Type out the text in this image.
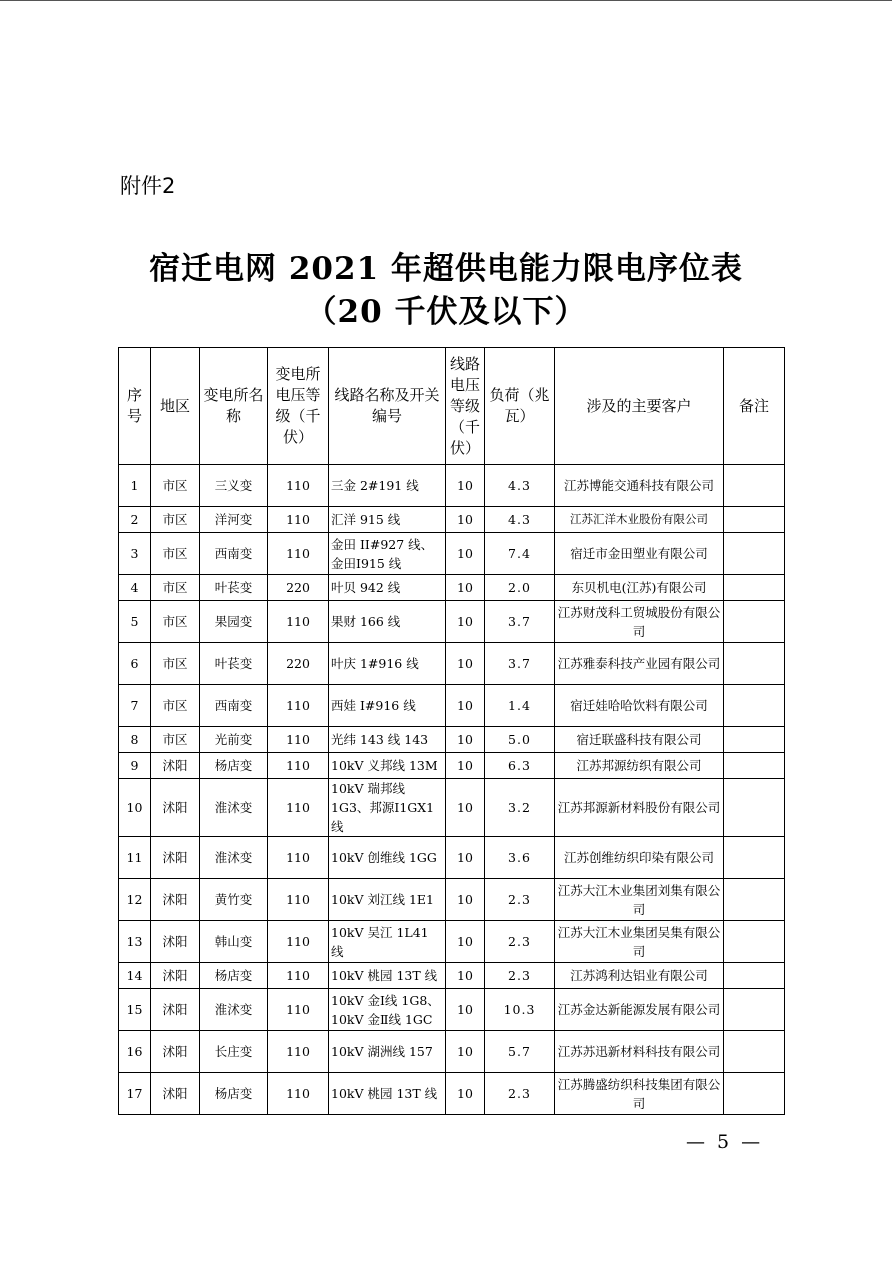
附件2
宿迁电网 2021 年超供电能力限电序位表
（20 千伏及以下）
序号	地区	变电所名称	变电所电压等级（千伏）	线路名称及开关编号	线路电压等级（千伏）	负荷（兆瓦）	涉及的主要客户	备注
1	市区	三义变	110	三金 2#191 线	10	4.3	江苏博能交通科技有限公司	
2	市区	洋河变	110	汇洋 915 线	10	4.3	江苏汇洋木业股份有限公司	
3	市区	西南变	110	金田 II#927 线、金田Ⅰ915 线	10	7.4	宿迁市金田塑业有限公司	
4	市区	叶苌变	220	叶贝 942 线	10	2.0	东贝机电(江苏)有限公司	
5	市区	果园变	110	果财 166 线	10	3.7	江苏财茂科工贸城股份有限公司	
6	市区	叶苌变	220	叶庆 1#916 线	10	3.7	江苏雅泰科技产业园有限公司	
7	市区	西南变	110	西娃 I#916 线	10	1.4	宿迁娃哈哈饮料有限公司	
8	市区	光前变	110	光纬 143 线 143	10	5.0	宿迁联盛科技有限公司	
9	沭阳	杨店变	110	10kV 义邦线 13M	10	6.3	江苏邦源纺织有限公司	
10	沭阳	淮沭变	110	10kV 瑞邦线 1G3、邦源Ⅰ1GX1 线	10	3.2	江苏邦源新材料股份有限公司	
11	沭阳	淮沭变	110	10kV 创维线 1GG	10	3.6	江苏创维纺织印染有限公司	
12	沭阳	黄竹变	110	10kV 刘江线 1E1	10	2.3	江苏大江木业集团刘集有限公司	
13	沭阳	韩山变	110	10kV 吴江 1L41 线	10	2.3	江苏大江木业集团吴集有限公司	
14	沭阳	杨店变	110	10kV 桃园 13T 线	10	2.3	江苏鸿利达铝业有限公司	
15	沭阳	淮沭变	110	10kV 金Ⅰ线 1G8、10kV 金Ⅱ线 1GC	10	10.3	江苏金达新能源发展有限公司	
16	沭阳	长庄变	110	10kV 湖洲线 157	10	5.7	江苏苏迅新材料科技有限公司	
17	沭阳	杨店变	110	10kV 桃园 13T 线	10	2.3	江苏腾盛纺织科技集团有限公司	
— 5 —
